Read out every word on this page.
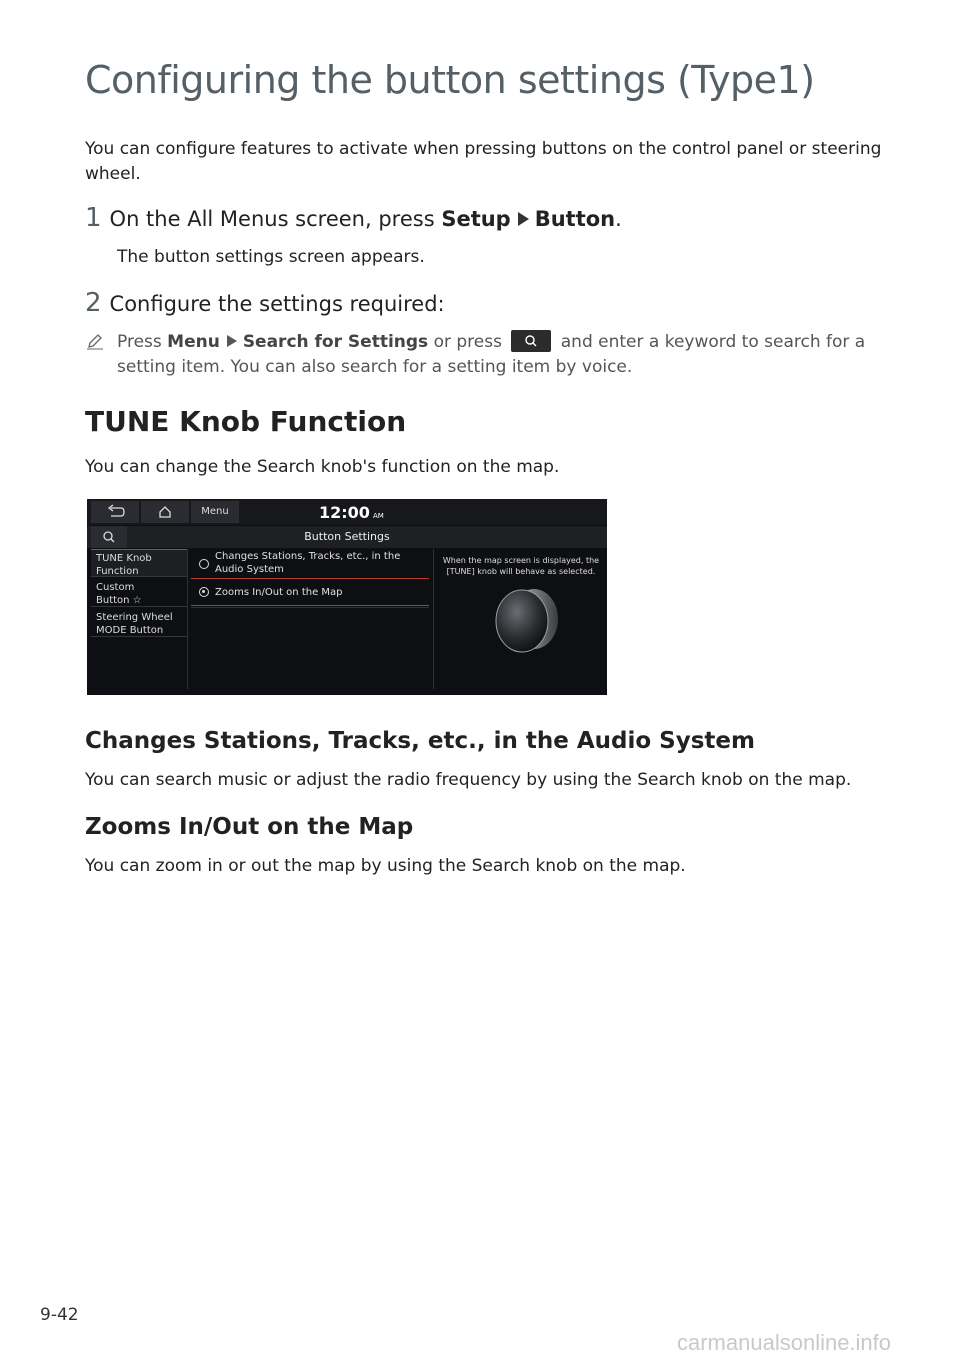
Configuring the button settings (Type1)
You can configure features to activate when pressing buttons on the control panel or steering wheel.
1 On the All Menus screen, press Setup Button.
The button settings screen appears.
2 Configure the settings required:
Press Menu Search for Settings or press	and enter a keyword to search for a setting item. You can also search for a setting item by voice.
TUNE Knob Function
You can change the Search knob's function on the map.
Menu	12:00 AM
Button Settings
TUNE Knob
Function
Custom
Button ☆
Steering Wheel
MODE Button
Changes Stations, Tracks, etc., in the
Audio System
Zooms In/Out on the Map
When the map screen is displayed, the [TUNE] knob will behave as selected.
Changes Stations, Tracks, etc., in the Audio System
You can search music or adjust the radio frequency by using the Search knob on the map.
Zooms In/Out on the Map
You can zoom in or out the map by using the Search knob on the map.
9-42
carmanualsonline.info
